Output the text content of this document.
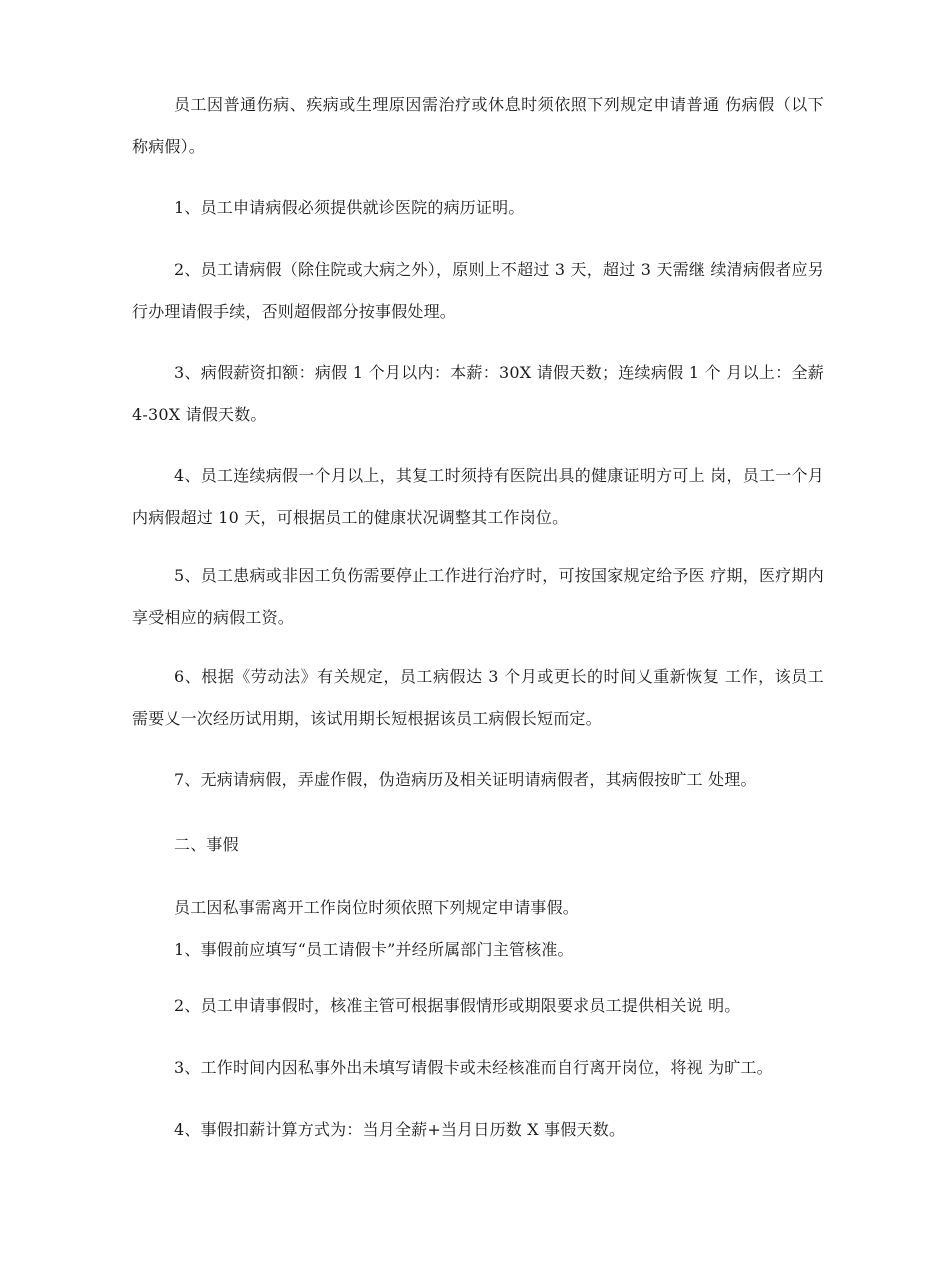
员工因普通伤病、疾病或生理原因需治疗或休息时须依照下列规定申请普通 伤病假（以下称病假）。

1、员工申请病假必须提供就诊医院的病历证明。

2、员工请病假（除住院或大病之外），原则上不超过 3 天，超过 3 天需继 续清病假者应另行办理请假手续，否则超假部分按事假处理。

3、病假薪资扣额：病假 1 个月以内：本薪：30X 请假天数；连续病假 1 个 月以上：全薪 4-30X 请假天数。

4、员工连续病假一个月以上，其复工时须持有医院出具的健康证明方可上 岗，员工一个月内病假超过 10 天，可根据员工的健康状况调整其工作岗位。

5、员工患病或非因工负伤需要停止工作进行治疗时，可按国家规定给予医 疗期，医疗期内享受相应的病假工资。

6、根据《劳动法》有关规定，员工病假达 3 个月或更长的时间乂重新恢复 工作，该员工需要乂一次经历试用期，该试用期长短根据该员工病假长短而定。

7、无病请病假，弄虚作假，伪造病历及相关证明请病假者，其病假按旷工 处理。

二、事假

员工因私事需离开工作岗位时须依照下列规定申请事假。

1、事假前应填写“员工请假卡”并经所属部门主管核准。

2、员工申请事假时，核准主管可根据事假情形或期限要求员工提供相关说 明。

3、工作时间内因私事外出未填写请假卡或未经核准而自行离开岗位，将视 为旷工。

4、事假扣薪计算方式为：当月全薪+当月日历数 X 事假天数。
